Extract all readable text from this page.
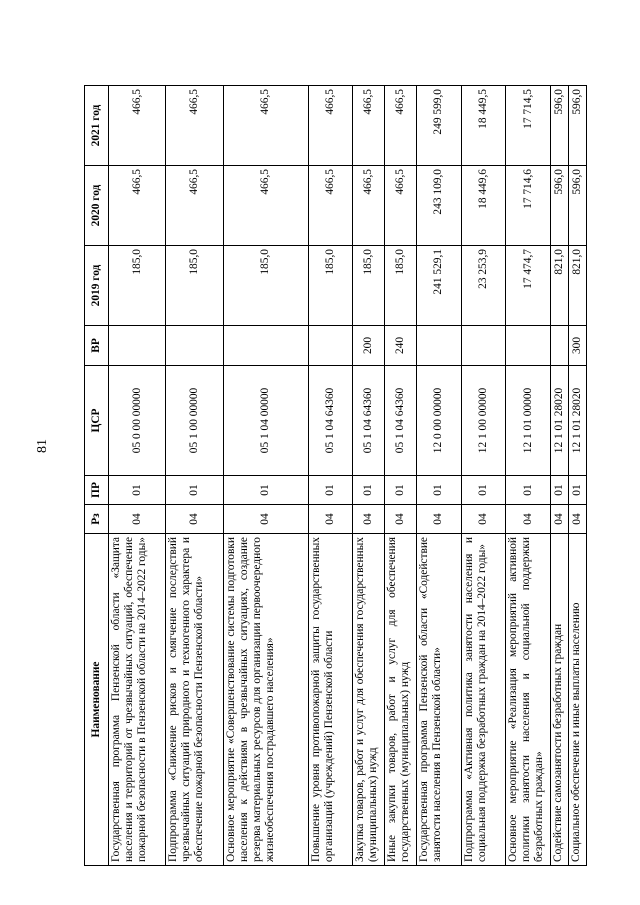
81
Наименование	Рз	ПР	ЦСР	ВР	2019 год	2020 год	2021 год
Государственная программа Пензенской области «Защита населения и территорий от чрезвычайных ситуаций, обеспечение пожарной безопасности в Пензенской области на 2014–2022 годы»	04	01	05 0 00 00000		185,0	466,5	466,5
Подпрограмма «Снижение рисков и смягчение последствий чрезвычайных ситуаций природного и техногенного характера и обеспечение пожарной безопасности Пензенской области»	04	01	05 1 00 00000		185,0	466,5	466,5
Основное мероприятие «Совершенствование системы подготовки населения к действиям в чрезвычайных ситуациях, создание резерва материальных ресурсов для организации первоочередного жизнеобеспечения пострадавшего населения»	04	01	05 1 04 00000		185,0	466,5	466,5
Повышение уровня противопожарной защиты государственных организаций (учреждений) Пензенской области	04	01	05 1 04 64360		185,0	466,5	466,5
Закупка товаров, работ и услуг для обеспечения государственных (муниципальных) нужд	04	01	05 1 04 64360	200	185,0	466,5	466,5
Иные закупки товаров, работ и услуг для обеспечения государственных (муниципальных) нужд	04	01	05 1 04 64360	240	185,0	466,5	466,5
Государственная программа Пензенской области «Содействие занятости населения в Пензенской области»	04	01	12 0 00 00000		241 529,1	243 109,0	249 599,0
Подпрограмма «Активная политика занятости населения и социальная поддержка безработных граждан на 2014–2022 годы»	04	01	12 1 00 00000		23 253,9	18 449,6	18 449,5
Основное мероприятие «Реализация мероприятий активной политики занятости населения и социальной поддержки безработных граждан»	04	01	12 1 01 00000		17 474,7	17 714,6	17 714,5
Содействие самозанятости безработных граждан	04	01	12 1 01 28020		821,0	596,0	596,0
Социальное обеспечение и иные выплаты населению	04	01	12 1 01 28020	300	821,0	596,0	596,0
